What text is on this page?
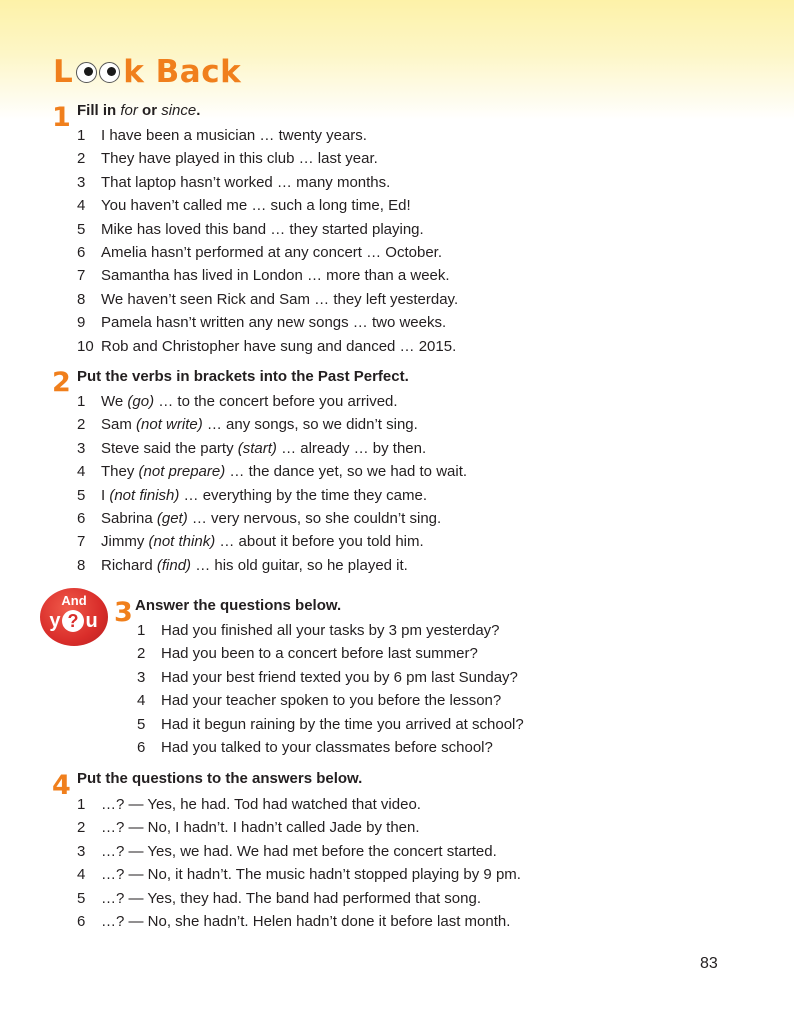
L k Back
1 Fill in for or since.
1	I have been a musician … twenty years.
2	They have played in this club … last year.
3	That laptop hasn’t worked … many months.
4	You haven’t called me … such a long time, Ed!
5	Mike has loved this band … they started playing.
6	Amelia hasn’t performed at any concert … October.
7	Samantha has lived in London … more than a week.
8	We haven’t seen Rick and Sam … they left yesterday.
9	Pamela hasn’t written any new songs … two weeks.
10 Rob and Christopher have sung and danced … 2015.
2 Put the verbs in brackets into the Past Perfect.
1	We (go) … to the concert before you arrived.
2	Sam (not write) … any songs, so we didn’t sing.
3	Steve said the party (start) … already … by then.
4	They (not prepare) … the dance yet, so we had to wait.
5	I (not finish) … everything by the time they came.
6	Sabrina (get) … very nervous, so she couldn’t sing.
7	Jimmy (not think) … about it before you told him.
8	Richard (find) … his old guitar, so he played it.
And
y ? u 3 Answer the questions below.
1	Had you finished all your tasks by 3 pm yesterday?
2	Had you been to a concert before last summer?
3	Had your best friend texted you by 6 pm last Sunday?
4	Had your teacher spoken to you before the lesson?
5	Had it begun raining by the time you arrived at school?
6	Had you talked to your classmates before school?
4 Put the questions to the answers below.
1	…? — Yes, he had. Tod had watched that video.
2	…? — No, I hadn’t. I hadn’t called Jade by then.
3	…? — Yes, we had. We had met before the concert started.
4	…? — No, it hadn’t. The music hadn’t stopped playing by 9 pm.
5	…? — Yes, they had. The band had performed that song.
6	…? — No, she hadn’t. Helen hadn’t done it before last month.
83
